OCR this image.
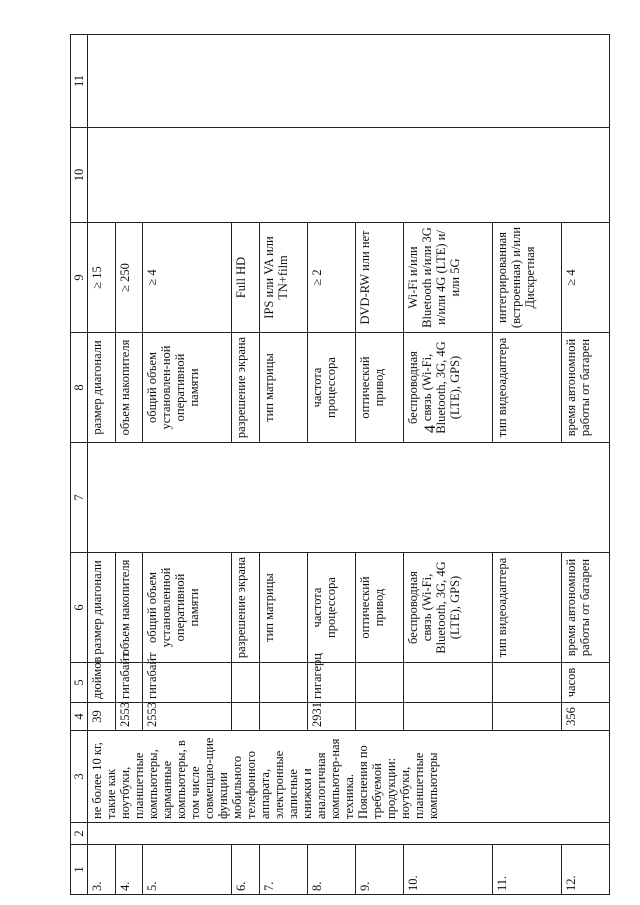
4
1	2	3	4	5	6	7	8	9	10	11
3.		не более 10 кг, такие как ноутбуки, планшетные компьютеры, карманные компьютеры, в том числе совмещаю-щие функции мобильного телефонного аппарата, электронные записные книжки и аналогичная компьютер-ная техника. Пояснения по требуемой продукции: ноутбуки, планшетные компьютеры	39	дюймов	размер диагонали		размер диагонали	≥ 15		
4.			2553	гигабайт	объем накопителя		объем накопителя	≥ 250		
5.			2553	гигабайт	общий объем установленной оперативной памяти		общий объем установлен-ной оперативной памяти	≥ 4		
6.					разрешение экрана		разрешение экрана	Full HD		
7.					тип матрицы		тип матрицы	IPS или VA или TN+film		
8.			2931	гигагерц	частота процессора		частота процессора	≥ 2		
9.					оптический привод		оптический привод	DVD-RW или нет		
10.					беспроводная связь (Wi-Fi, Bluetooth, 3G, 4G (LTE), GPS)		беспроводная связь (Wi-Fi, Bluetooth, 3G, 4G (LTE), GPS)	Wi-Fi и/или Bluetooth и/или 3G и/или 4G (LTE) и/или 5G		
11.					тип видеоадаптера		тип видеоадаптера	интегрированная (встроенная) и/или Дискретная		
12.			356	часов	время автономной работы от батарен		время автономной работы от батарен	≥ 4		
